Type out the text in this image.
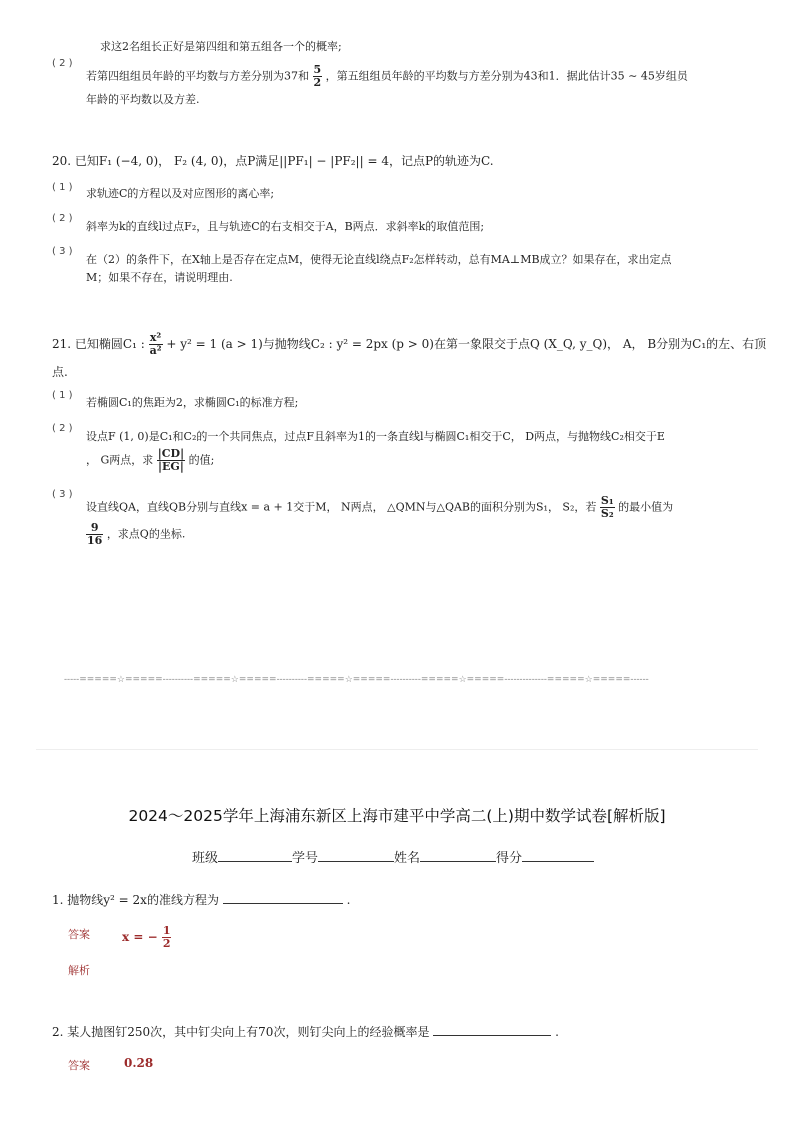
求这2名组长正好是第四组和第五组各一个的概率;
( 2 )
若第四组组员年龄的平均数与方差分别为37和 $\frac{5}{2}$ ，第五组组员年龄的平均数与方差分别为43和1．据此估计35 ∼ 45岁组员
年龄的平均数以及方差.
20. 已知F₁ (−4, 0)， F₂ (4, 0)，点P满足||PF₁| − |PF₂|| = 4，记点P的轨迹为C.
( 1 ) 求轨迹C的方程以及对应图形的离心率;
( 2 )
斜率为k的直线l过点F₂，且与轨迹C的右支相交于A，B两点．求斜率k的取值范围;
( 3 )
在（2）的条件下，在X轴上是否存在定点M，使得无论直线l绕点F₂怎样转动，总有MA⊥MB成立？如果存在，求出定点
M；如果不存在，请说明理由.
21. 已知椭圆C₁ : $\frac{\text{x²}}{\text{a²}} + y^2 = 1$ (a > 1)与抛物线C₂ : y² = 2px (p > 0)在第一象限交于点Q (X_Q, y_Q)， A， B分别为C₁的左、右顶
点.
( 1 )
若椭圆C₁的焦距为2，求椭圆C₁的标准方程;
( 2 )
设点F (1, 0)是C₁和C₂的一个共同焦点，过点F且斜率为1的一条直线l与椭圆C₁相交于C， D两点，与抛物线C₂相交于E
， G两点，求 $\frac{|CD|}{|EG|}$ 的值;
( 3 )
设直线QA，直线QB分别与直线x = a + 1交于M， N两点， △QMN与△QAB的面积分别为S₁， S₂，若 $\frac{\text{S₁}}{\text{S₂}}$ 的最小值为
$\frac{9}{16}$ ，求点Q的坐标.
-----=====☆=====----------=====☆=====----------=====☆=====----------=====☆=====--------------=====☆=====------
2024～2025学年上海浦东新区上海市建平中学高二(上)期中数学试卷[解析版]
班级	学号	姓名	得分
1. 抛物线y² = 2x的准线方程为	.
答案	x = − $\frac{1}{2}$
解析
2. 某人抛图钉250次，其中钉尖向上有70次，则钉尖向上的经验概率是	.
答案	0.28
